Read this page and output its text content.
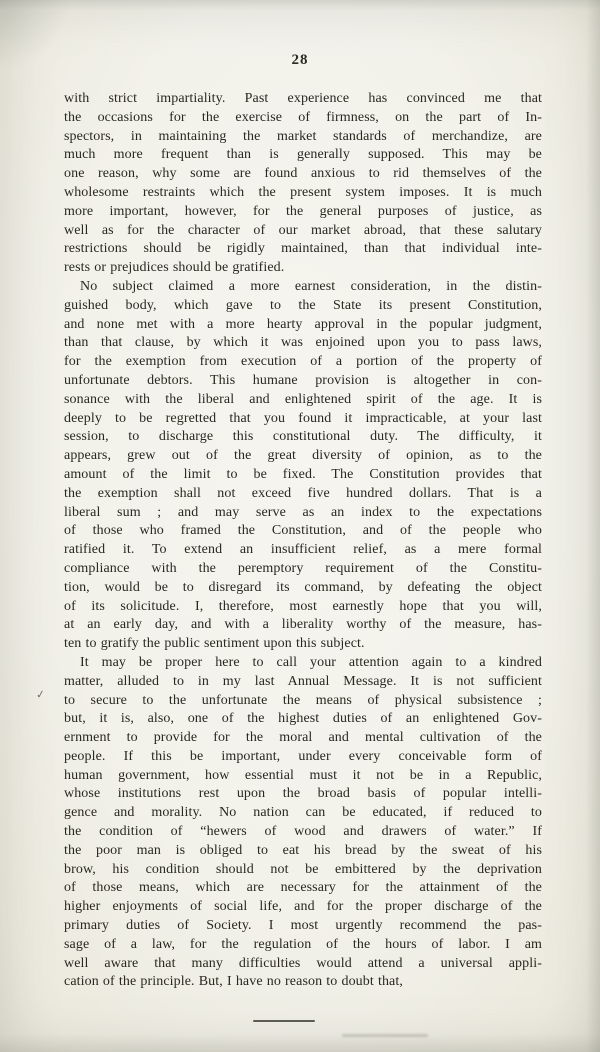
28
✓
with strict impartiality. Past experience has convinced me that
the occasions for the exercise of firmness, on the part of In-
spectors, in maintaining the market standards of merchandize, are
much more frequent than is generally supposed. This may be
one reason, why some are found anxious to rid themselves of the
wholesome restraints which the present system imposes. It is much
more important, however, for the general purposes of justice, as
well as for the character of our market abroad, that these salutary
restrictions should be rigidly maintained, than that individual inte-
rests or prejudices should be gratified.
No subject claimed a more earnest consideration, in the distin-
guished body, which gave to the State its present Constitution,
and none met with a more hearty approval in the popular judgment,
than that clause, by which it was enjoined upon you to pass laws,
for the exemption from execution of a portion of the property of
unfortunate debtors. This humane provision is altogether in con-
sonance with the liberal and enlightened spirit of the age. It is
deeply to be regretted that you found it impracticable, at your last
session, to discharge this constitutional duty. The difficulty, it
appears, grew out of the great diversity of opinion, as to the
amount of the limit to be fixed. The Constitution provides that
the exemption shall not exceed five hundred dollars. That is a
liberal sum ; and may serve as an index to the expectations
of those who framed the Constitution, and of the people who
ratified it. To extend an insufficient relief, as a mere formal
compliance with the peremptory requirement of the Constitu-
tion, would be to disregard its command, by defeating the object
of its solicitude. I, therefore, most earnestly hope that you will,
at an early day, and with a liberality worthy of the measure, has-
ten to gratify the public sentiment upon this subject.
It may be proper here to call your attention again to a kindred
matter, alluded to in my last Annual Message. It is not sufficient
to secure to the unfortunate the means of physical subsistence ;
but, it is, also, one of the highest duties of an enlightened Gov-
ernment to provide for the moral and mental cultivation of the
people. If this be important, under every conceivable form of
human government, how essential must it not be in a Republic,
whose institutions rest upon the broad basis of popular intelli-
gence and morality. No nation can be educated, if reduced to
the condition of “hewers of wood and drawers of water.” If
the poor man is obliged to eat his bread by the sweat of his
brow, his condition should not be embittered by the deprivation
of those means, which are necessary for the attainment of the
higher enjoyments of social life, and for the proper discharge of the
primary duties of Society. I most urgently recommend the pas-
sage of a law, for the regulation of the hours of labor. I am
well aware that many difficulties would attend a universal appli-
cation of the principle. But, I have no reason to doubt that,
